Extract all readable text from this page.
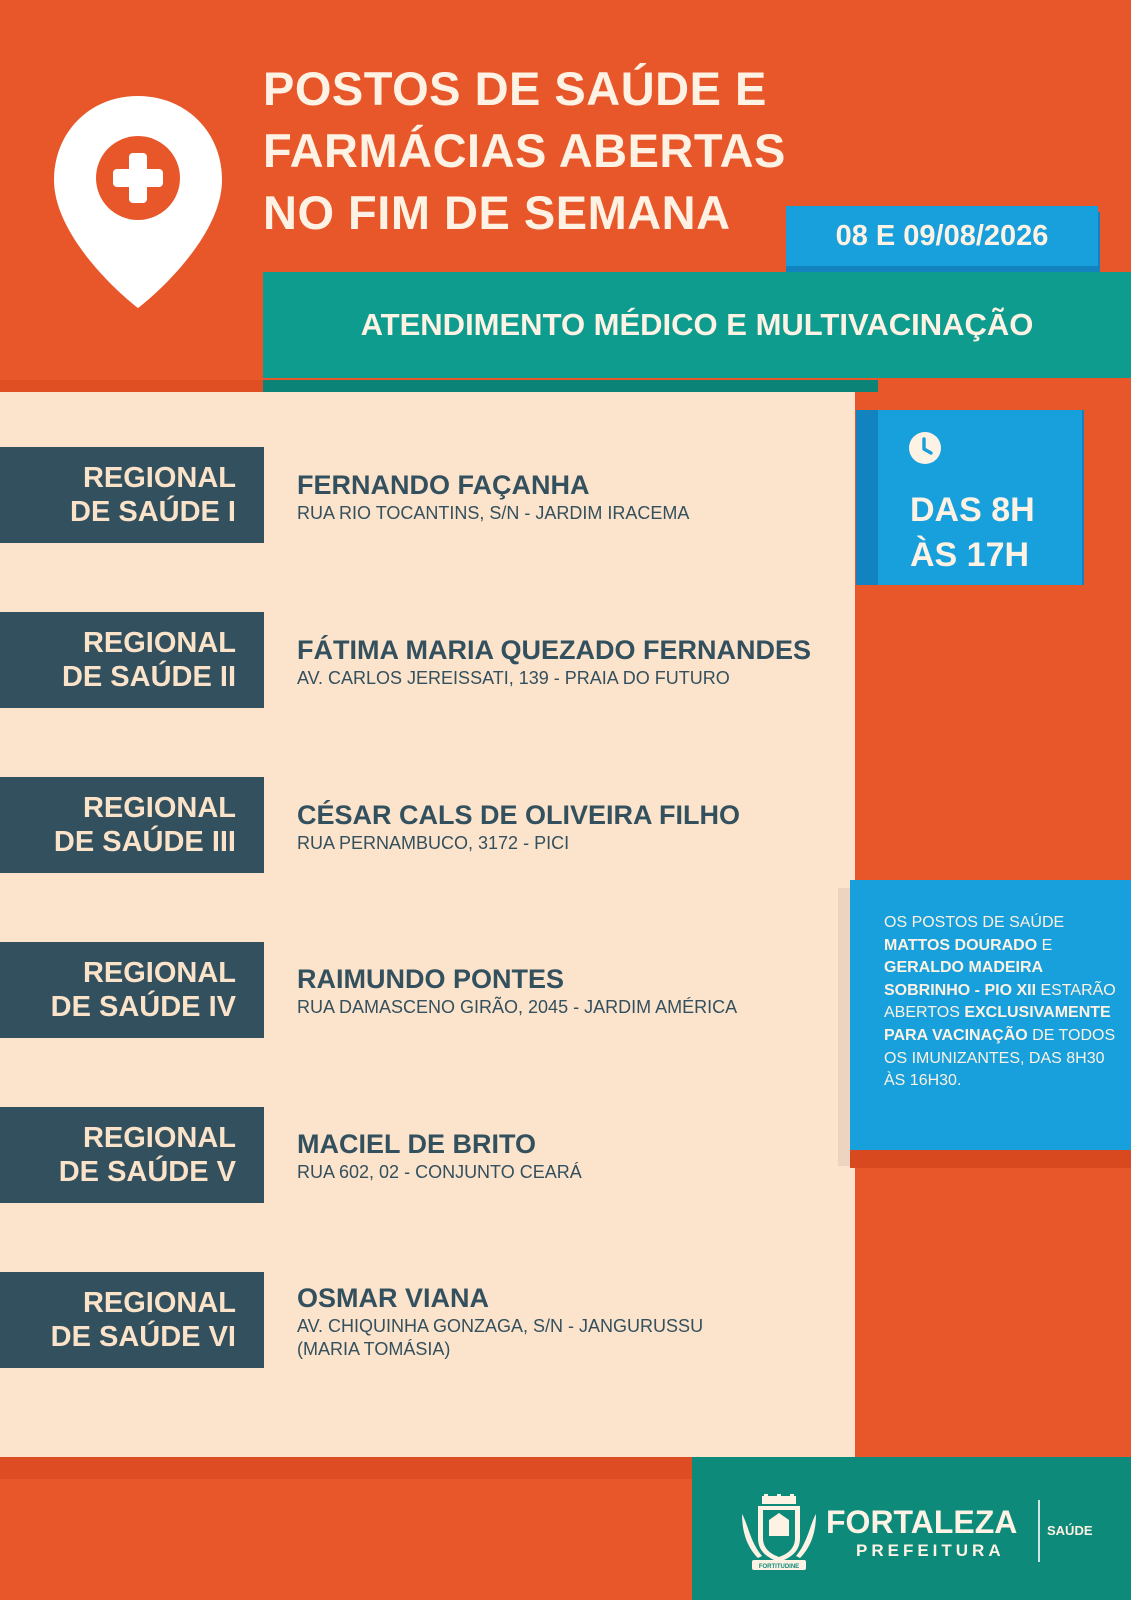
POSTOS DE SAÚDE E
FARMÁCIAS ABERTAS
NO FIM DE SEMANA	08 E 09/08/2026
ATENDIMENTO MÉDICO E MULTIVACINAÇÃO
REGIONAL
DE SAÚDE I
FERNANDO FAÇANHA
RUA RIO TOCANTINS, S/N - JARDIM IRACEMA
REGIONAL
DE SAÚDE II
FÁTIMA MARIA QUEZADO FERNANDES
AV. CARLOS JEREISSATI, 139 - PRAIA DO FUTURO
REGIONAL
DE SAÚDE III
CÉSAR CALS DE OLIVEIRA FILHO
RUA PERNAMBUCO, 3172 - PICI
REGIONAL
DE SAÚDE IV
RAIMUNDO PONTES
RUA DAMASCENO GIRÃO, 2045 - JARDIM AMÉRICA
REGIONAL
DE SAÚDE V
MACIEL DE BRITO
RUA 602, 02 - CONJUNTO CEARÁ
REGIONAL
DE SAÚDE VI
OSMAR VIANA
AV. CHIQUINHA GONZAGA, S/N - JANGURUSSU
(MARIA TOMÁSIA)
DAS 8H
ÀS 17H
OS POSTOS DE SAÚDE
MATTOS DOURADO E GERALDO MADEIRA SOBRINHO - PIO XII ESTARÃO ABERTOS EXCLUSIVAMENTE PARA VACINAÇÃO DE TODOS OS IMUNIZANTES, DAS 8H30 ÀS 16H30.
FORTITUDINE
FORTALEZA
PREFEITURA
SAÚDE
